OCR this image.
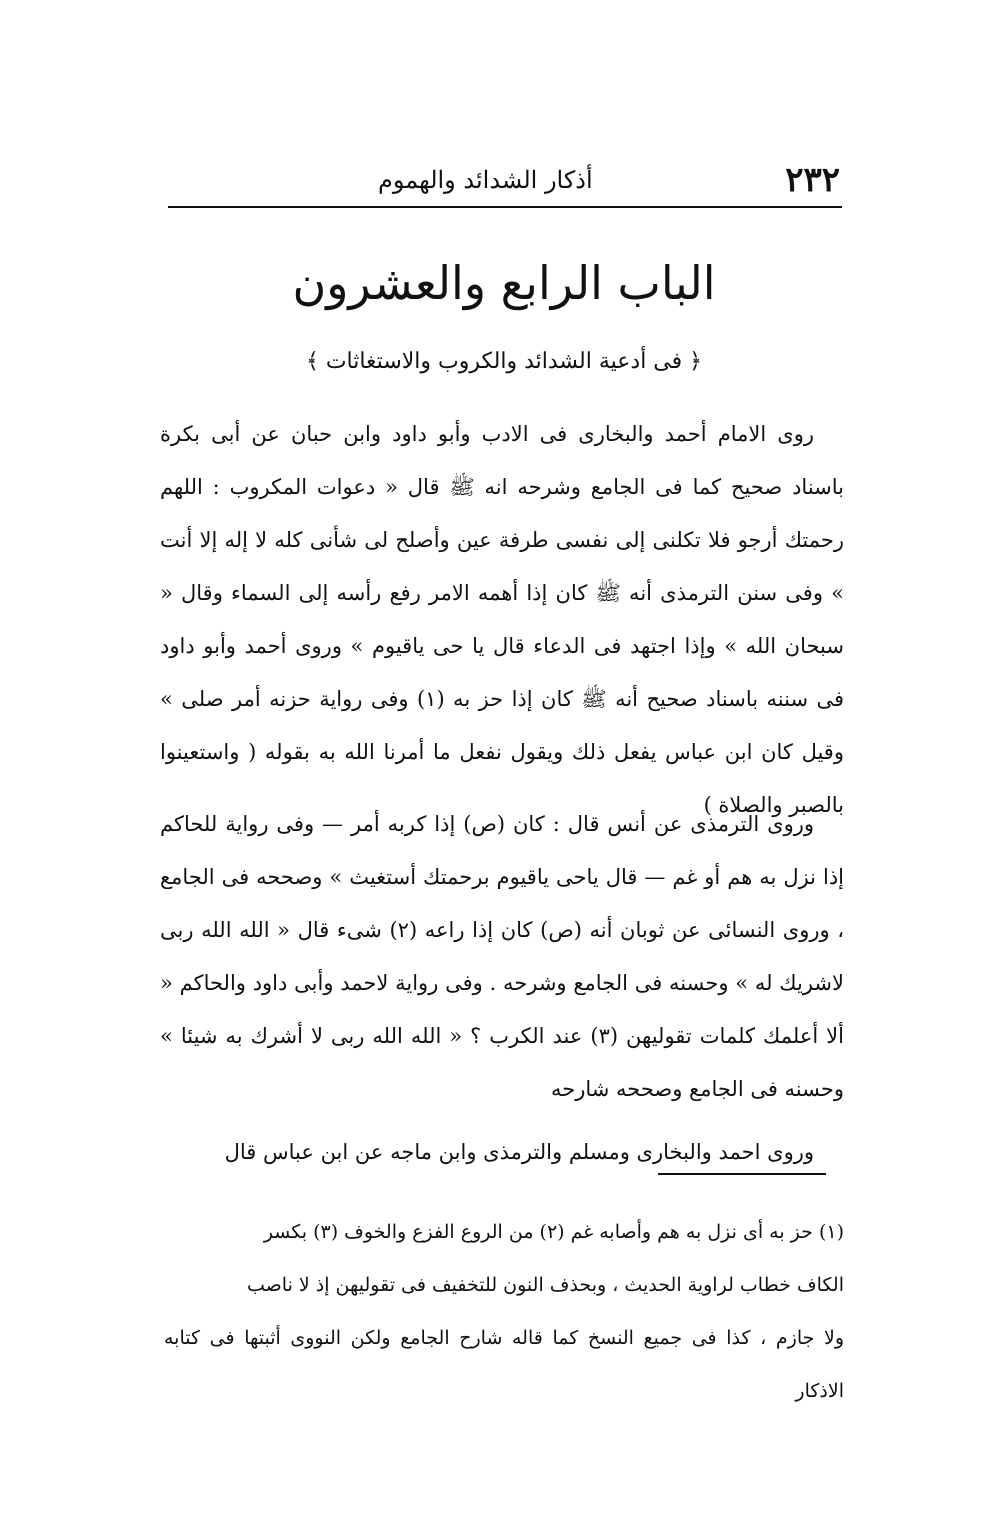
٢٣٢
أذكار الشدائد والهموم
الباب الرابع والعشرون
﴿ فى أدعية الشدائد والكروب والاستغاثات ﴾

روى الامام أحمد والبخارى فى الادب وأبو داود وابن حبان عن أبى بكرة باسناد صحيح كما فى الجامع وشرحه انه ﷺ قال « دعوات المكروب : اللهم رحمتك أرجو فلا تكلنى إلى نفسى طرفة عين وأصلح لى شأنى كله لا إله إلا أنت » وفى سنن الترمذى أنه ﷺ كان إذا أهمه الامر رفع رأسه إلى السماء وقال « سبحان الله » وإذا اجتهد فى الدعاء قال يا حى ياقيوم » وروى أحمد وأبو داود فى سننه باسناد صحيح أنه ﷺ كان إذا حز به (١) وفى رواية حزنه أمر صلى » وقيل كان ابن عباس يفعل ذلك ويقول نفعل ما أمرنا الله به بقوله ( واستعينوا بالصبر والصلاة )

وروى الترمذى عن أنس قال : كان (ص) إذا كربه أمر — وفى رواية للحاكم إذا نزل به هم أو غم — قال ياحى ياقيوم برحمتك أستغيث » وصححه فى الجامع ، وروى النسائى عن ثوبان أنه (ص) كان إذا راعه (٢) شىء قال « الله الله ربى لاشريك له » وحسنه فى الجامع وشرحه . وفى رواية لاحمد وأبى داود والحاكم « ألا أعلمك كلمات تقوليهن (٣) عند الكرب ؟ « الله الله ربى لا أشرك به شيئا » وحسنه فى الجامع وصححه شارحه

وروى احمد والبخارى ومسلم والترمذى وابن ماجه عن ابن عباس قال

(١) حز به أى نزل به هم وأصابه غم (٢) من الروع الفزع والخوف (٣) بكسر

الكاف خطاب لراوية الحديث ، وبحذف النون للتخفيف فى تقوليهن إذ لا ناصب

ولا جازم ، كذا فى جميع النسخ كما قاله شارح الجامع ولكن النووى أثبتها فى كتابه الاذكار
